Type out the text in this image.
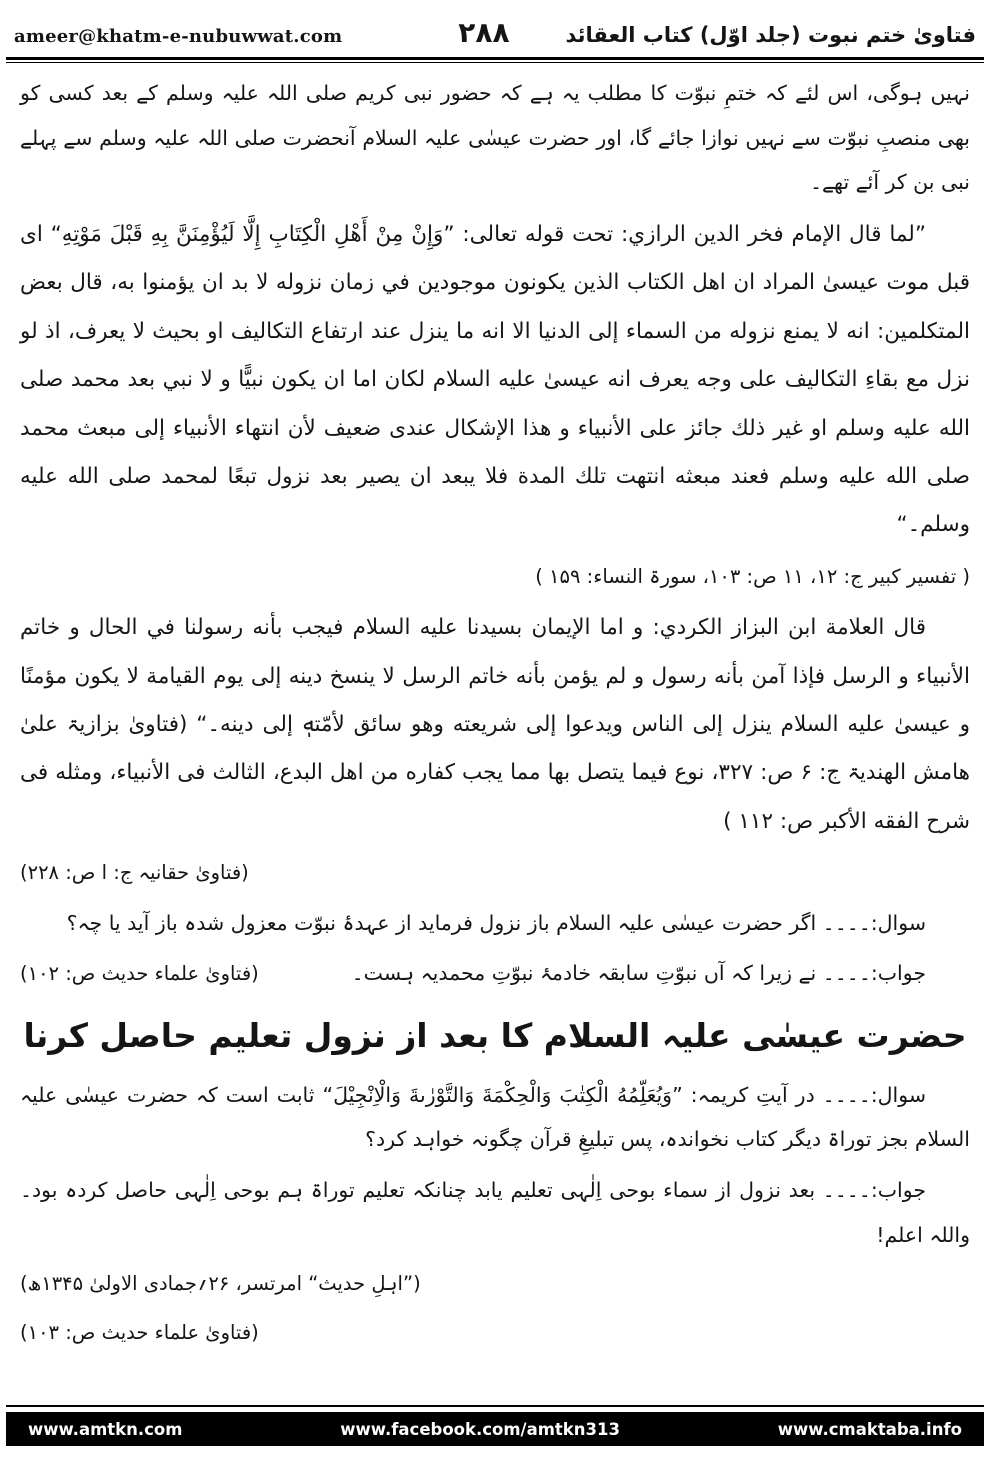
فتاویٰ ختم نبوت (جلد اوّل) کتاب العقائد
۲۸۸
ameer@khatm-e-nubuwwat.com

نہیں ہوگی، اس لئے کہ ختمِ نبوّت کا مطلب یہ ہے کہ حضور نبی کریم صلی اللہ علیہ وسلم کے بعد کسی کو بھی منصبِ نبوّت سے نہیں نوازا جائے گا، اور حضرت عیسٰی علیہ السلام آنحضرت صلی اللہ علیہ وسلم سے پہلے نبی بن کر آئے تھے۔

”لما قال الإمام فخر الدين الرازي: تحت قوله تعالى: ”وَإِنْ مِنْ أَهْلِ الْكِتَابِ إِلَّا لَيُؤْمِنَنَّ بِهِ قَبْلَ مَوْتِهِ“ اى قبل موت عيسىٰ المراد ان اهل الكتاب الذين يكونون موجودين في زمان نزوله لا بد ان يؤمنوا به، قال بعض المتكلمين: انه لا يمنع نزوله من السماء إلى الدنيا الا انه ما ينزل عند ارتفاع التكاليف او بحيث لا يعرف، اذ لو نزل مع بقاءِ التكاليف على وجه يعرف انه عيسىٰ عليه السلام لكان اما ان يكون نبيًّا و لا نبي بعد محمد صلى الله عليه وسلم او غير ذلك جائز على الأنبياء و هذا الإشكال عندى ضعيف لأن انتهاء الأنبياء إلى مبعث محمد صلى الله عليه وسلم فعند مبعثه انتهت تلك المدة فلا يبعد ان يصير بعد نزول تبعًا لمحمد صلى الله عليه وسلم۔“

( تفسیر کبیر ج: ۱۲، ۱۱ ص: ۱۰۳، سورۃ النساء: ۱۵۹ )

قال العلامة ابن البزاز الكردي: و اما الإيمان بسيدنا عليه السلام فيجب بأنه رسولنا في الحال و خاتم الأنبياء و الرسل فإذا آمن بأنه رسول و لم يؤمن بأنه خاتم الرسل لا ينسخ دينه إلى يوم القيامة لا يكون مؤمنًا و عيسىٰ عليه السلام ينزل إلى الناس ويدعوا إلى شريعته وهو سائق لأمّتهٖ إلى دينه۔“ (فتاویٰ بزازیۃ علیٰ هامش الهندیۃ ج: ۶ ص: ۳۲۷، نوع فیما یتصل بها مما یجب کفاره من اهل البدع، الثالث فی الأنبیاء، ومثله فی شرح الفقه الأکبر ص: ۱۱۲ )

(فتاویٰ حقانیہ ج: ا ص: ۲۲۸)

سوال:۔۔۔۔ اگر حضرت عیسٰی علیہ السلام باز نزول فرماید از عہدۂ نبوّت معزول شدہ باز آید یا چہ؟

جواب:۔۔۔۔ نے زیرا کہ آں نبوّتِ سابقہ خادمۂ نبوّتِ محمدیہ ہست۔
(فتاویٰ علماء حدیث ص: ۱۰۲)
حضرت عیسٰی علیہ السلام کا بعد از نزول تعلیم حاصل کرنا

سوال:۔۔۔۔ در آیتِ کریمہ: ”وَیُعَلِّمُهُ الْکِتٰبَ وَالْحِکْمَةَ وَالتَّوْرٰىةَ وَالْاِنْجِیْلَ“ ثابت است کہ حضرت عیسٰی علیہ السلام بجز توراۃ دیگر کتاب نخواندہ، پس تبلیغِ قرآن چگونہ خواہد کرد؟

جواب:۔۔۔۔ بعد نزول از سماء بوحی اِلٰہی تعلیم یابد چنانکہ تعلیم توراۃ ہم بوحی اِلٰہی حاصل کردہ بود۔ واللہ اعلم!

(”اہلِ حدیث“ امرتسر، ۲۶؍جمادی الاولیٰ ۱۳۴۵ھ)

(فتاویٰ علماء حدیث ص: ۱۰۳)

www.amtkn.com	www.facebook.com/amtkn313	www.cmaktaba.info
